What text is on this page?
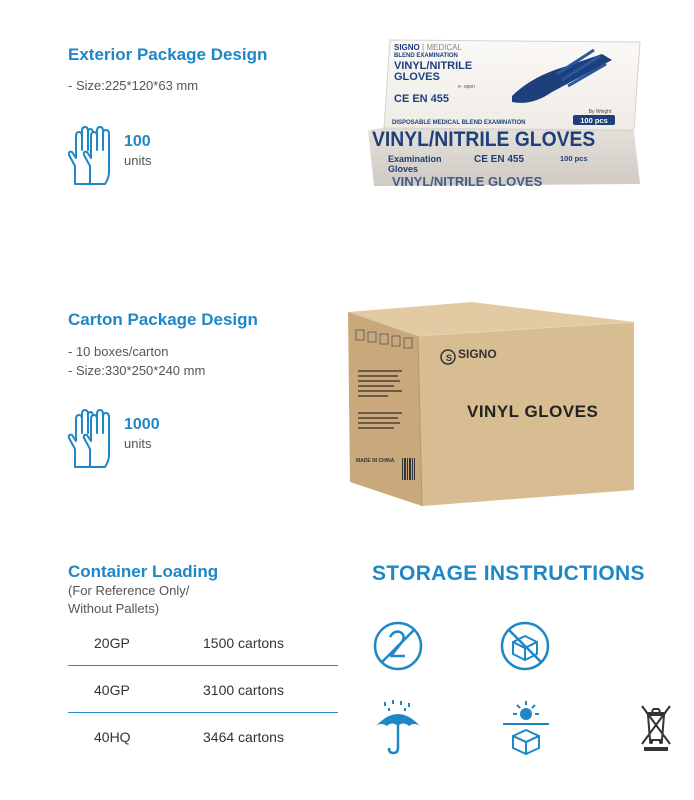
Exterior Package Design
- Size:225*120*63 mm
100
units
100 pcs
By Weight
SIGNO | MEDICAL
BLEND EXAMINATION
VINYL/NITRILE
GLOVES
CE EN 455
e- open
DISPOSABLE MEDICAL BLEND EXAMINATION
VINYL/NITRILE GLOVES
Examination
Gloves
CE EN 455	100 pcs
VINYL/NITRILE GLOVES
Carton Package Design
- 10 boxes/carton
- Size:330*250*240 mm
1000
units
S SIGNO
VINYL GLOVES
MADE IN CHINA
Container Loading
(For Reference Only/
Without Pallets)
20GP	1500 cartons
40GP	3100 cartons
40HQ	3464 cartons
STORAGE INSTRUCTIONS
